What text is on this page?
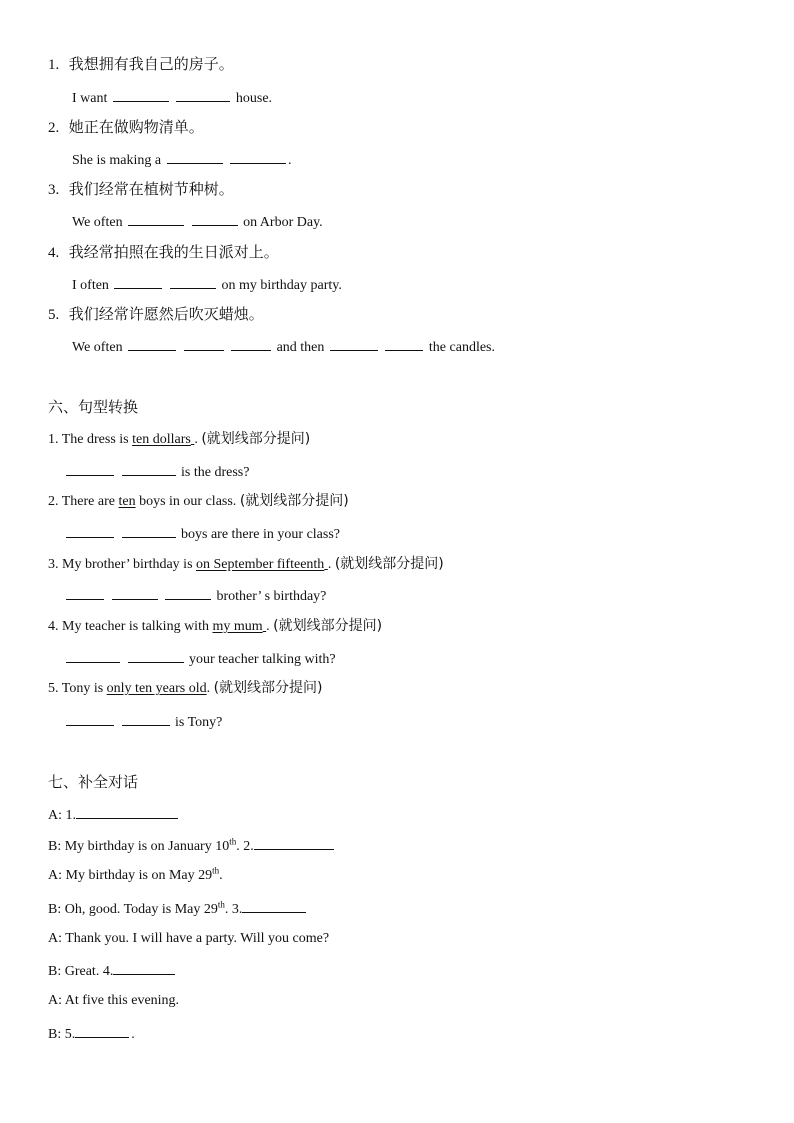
1. 我想拥有我自己的房子。
I want	house.
2. 她正在做购物清单。
She is making a	.
3. 我们经常在植树节种树。
We often	on Arbor Day.
4. 我经常拍照在我的生日派对上。
I often	on my birthday party.
5. 我们经常许愿然后吹灭蜡烛。
We often	and then	the candles.
六、句型转换
1. The dress is ten dollars . (就划线部分提问)
is the dress?
2. There are ten boys in our class. (就划线部分提问)
boys are there in your class?
3. My brother’ birthday is on September fifteenth . (就划线部分提问)
brother’ s birthday?
4. My teacher is talking with my mum . (就划线部分提问)
your teacher talking with?
5. Tony is only ten years old. (就划线部分提问)
is Tony?
七、补全对话
A: 1.
B: My birthday is on January 10th. 2.
A: My birthday is on May 29th.
B: Oh, good. Today is May 29th. 3.
A: Thank you. I will have a party. Will you come?
B: Great. 4.
A: At five this evening.
B: 5.	.
